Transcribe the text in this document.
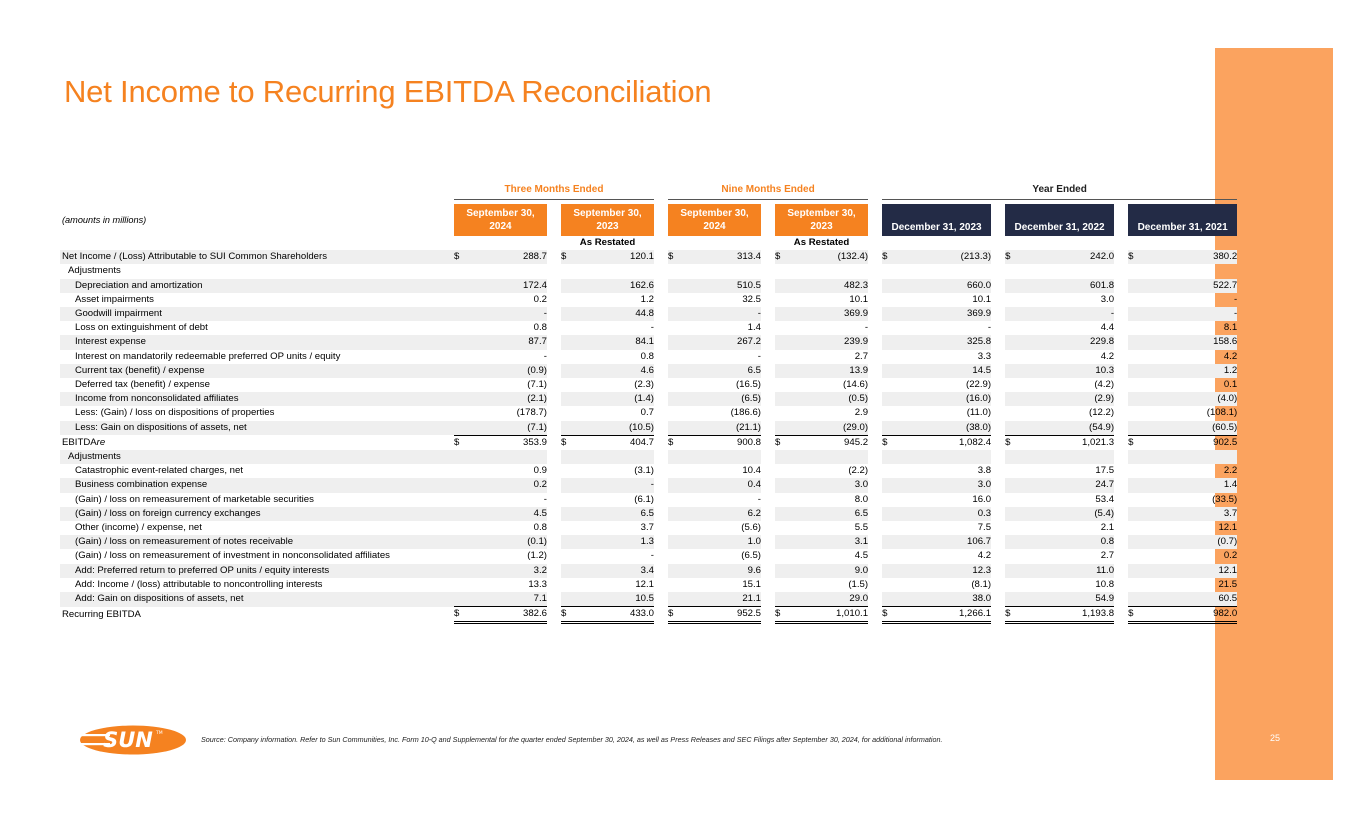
Net Income to Recurring EBITDA Reconciliation
25
SUN TM
Source: Company information. Refer to Sun Communities, Inc. Form 10-Q and Supplemental for the quarter ended September 30, 2024, as well as Press Releases and SEC Filings after September 30, 2024, for additional information.
	Three Months Ended						Nine Months Ended						Year Ended							

(amounts in millions)	September 30,
2024			September 30,
2023			September 30,
2024			September 30,
2023			December 31, 2023			December 31, 2022			December 31, 2021	
				As Restated						As Restated										
Net Income / (Loss) Attributable to SUI Common Shareholders	$	288.7		$	120.1		$	313.4		$	(132.4)		$	(213.3)		$	242.0		$	380.2
Adjustments																				
Depreciation and amortization		172.4			162.6			510.5			482.3			660.0			601.8			522.7
Asset impairments		0.2			1.2			32.5			10.1			10.1			3.0			-
Goodwill impairment		-			44.8			-			369.9			369.9			-			-
Loss on extinguishment of debt		0.8			-			1.4			-			-			4.4			8.1
Interest expense		87.7			84.1			267.2			239.9			325.8			229.8			158.6
Interest on mandatorily redeemable preferred OP units / equity		-			0.8			-			2.7			3.3			4.2			4.2
Current tax (benefit) / expense		(0.9)			4.6			6.5			13.9			14.5			10.3			1.2
Deferred tax (benefit) / expense		(7.1)			(2.3)			(16.5)			(14.6)			(22.9)			(4.2)			0.1
Income from nonconsolidated affiliates		(2.1)			(1.4)			(6.5)			(0.5)			(16.0)			(2.9)			(4.0)
Less: (Gain) / loss on dispositions of properties		(178.7)			0.7			(186.6)			2.9			(11.0)			(12.2)			(108.1)
Less: Gain on dispositions of assets, net		(7.1)			(10.5)			(21.1)			(29.0)			(38.0)			(54.9)			(60.5)
EBITDAre	$	353.9		$	404.7		$	900.8		$	945.2		$	1,082.4		$	1,021.3		$	902.5
Adjustments																				
Catastrophic event-related charges, net		0.9			(3.1)			10.4			(2.2)			3.8			17.5			2.2
Business combination expense		0.2			-			0.4			3.0			3.0			24.7			1.4
(Gain) / loss on remeasurement of marketable securities		-			(6.1)			-			8.0			16.0			53.4			(33.5)
(Gain) / loss on foreign currency exchanges		4.5			6.5			6.2			6.5			0.3			(5.4)			3.7
Other (income) / expense, net		0.8			3.7			(5.6)			5.5			7.5			2.1			12.1
(Gain) / loss on remeasurement of notes receivable		(0.1)			1.3			1.0			3.1			106.7			0.8			(0.7)
(Gain) / loss on remeasurement of investment in nonconsolidated affiliates		(1.2)			-			(6.5)			4.5			4.2			2.7			0.2
Add: Preferred return to preferred OP units / equity interests		3.2			3.4			9.6			9.0			12.3			11.0			12.1
Add: Income / (loss) attributable to noncontrolling interests		13.3			12.1			15.1			(1.5)			(8.1)			10.8			21.5
Add: Gain on dispositions of assets, net		7.1			10.5			21.1			29.0			38.0			54.9			60.5
Recurring EBITDA	$	382.6		$	433.0		$	952.5		$	1,010.1		$	1,266.1		$	1,193.8		$	982.0
